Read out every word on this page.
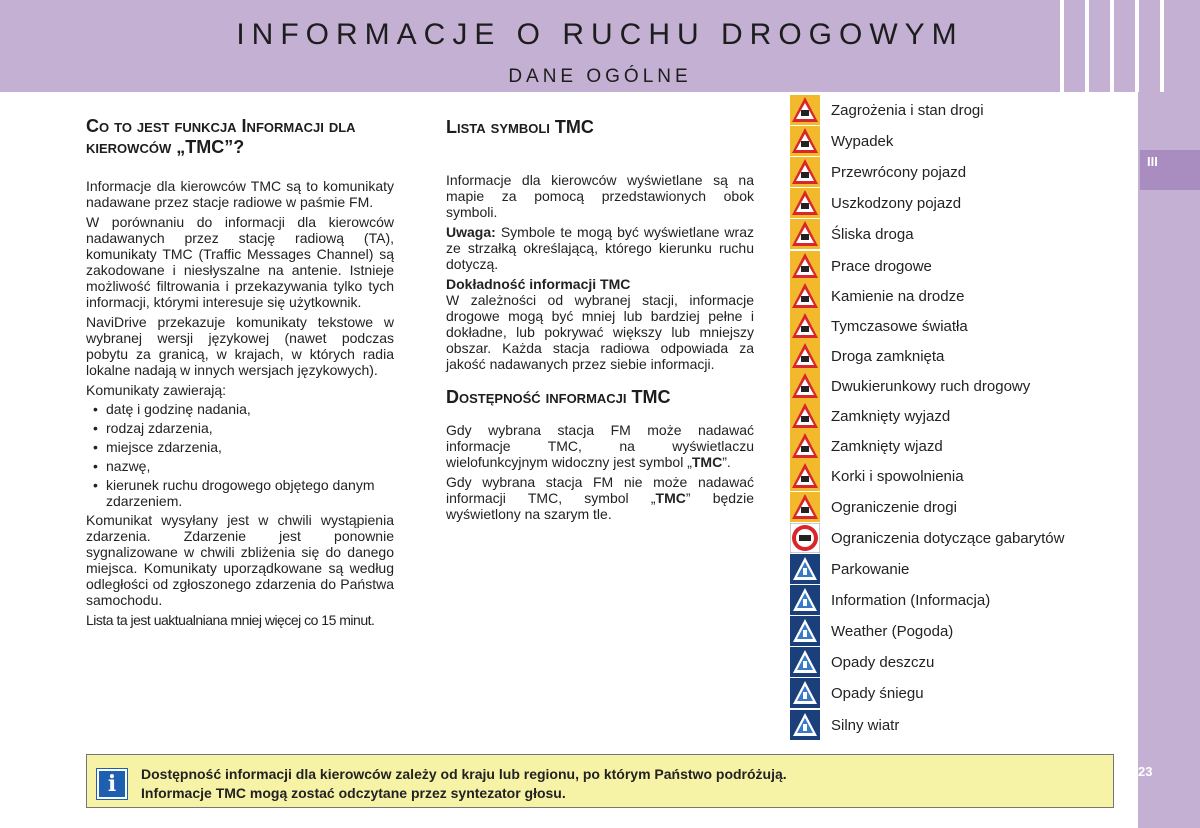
INFORMACJE O RUCHU DROGOWYM
DANE OGÓLNE
III
23
Co to jest funkcja Informacji dla kierowców „TMC”?
Informacje dla kierowców TMC są to komunikaty nadawane przez stacje radiowe w paśmie FM.
W porównaniu do informacji dla kierowców nadawanych przez stację radiową (TA), komunikaty TMC (Traffic Messages Channel) są zakodowane i niesłyszalne na antenie. Istnieje możliwość filtrowania i przekazywania tylko tych informacji, którymi interesuje się użytkownik.
NaviDrive przekazuje komunikaty tekstowe w wybranej wersji językowej (nawet podczas pobytu za granicą, w krajach, w których radia lokalne nadają w innych wersjach językowych).
Komunikaty zawierają:
• datę i godzinę nadania,
• rodzaj zdarzenia,
• miejsce zdarzenia,
• nazwę,
• kierunek ruchu drogowego objętego danym zdarzeniem.
Komunikat wysyłany jest w chwili wystąpienia zdarzenia. Zdarzenie jest ponownie sygnalizowane w chwili zbliżenia się do danego miejsca. Komunikaty uporządkowane są według odległości od zgłoszonego zdarzenia do Państwa samochodu.
Lista ta jest uaktualniana mniej więcej co 15 minut.
Lista symboli TMC
Informacje dla kierowców wyświetlane są na mapie za pomocą przedstawionych obok symboli.
Uwaga: Symbole te mogą być wyświetlane wraz ze strzałką określającą, którego kierunku ruchu dotyczą.
Dokładność informacji TMC
W zależności od wybranej stacji, informacje drogowe mogą być mniej lub bardziej pełne i dokładne, lub pokrywać większy lub mniejszy obszar. Każda stacja radiowa odpowiada za jakość nadawanych przez siebie informacji.
Dostępność informacji TMC
Gdy wybrana stacja FM może nadawać informacje TMC, na wyświetlaczu wielofunkcyjnym widoczny jest symbol „TMC”.
Gdy wybrana stacja FM nie może nadawać informacji TMC, symbol „TMC” będzie wyświetlony na szarym tle.
Zagrożenia i stan drogi
Wypadek
Przewrócony pojazd
Uszkodzony pojazd
Śliska droga
Prace drogowe
Kamienie na drodze
Tymczasowe światła
Droga zamknięta
Dwukierunkowy ruch drogowy
Zamknięty wyjazd
Zamknięty wjazd
Korki i spowolnienia
Ograniczenie drogi
Ograniczenia dotyczące gabarytów
Parkowanie
Information (Informacja)
Weather (Pogoda)
Opady deszczu
Opady śniegu
Silny wiatr
i	Dostępność informacji dla kierowców zależy od kraju lub regionu, po którym Państwo podróżują.
Informacje TMC mogą zostać odczytane przez syntezator głosu.
